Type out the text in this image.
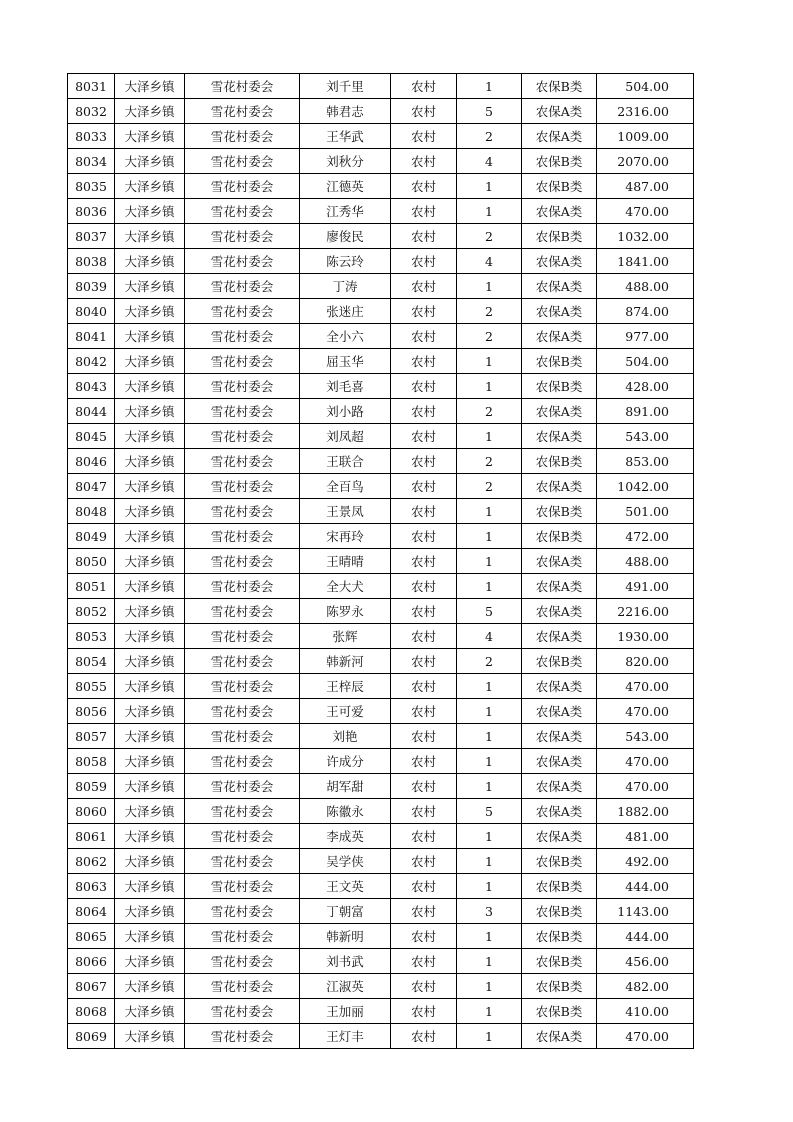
8031	大泽乡镇	雪花村委会	刘千里	农村	1	农保B类	504.00
8032	大泽乡镇	雪花村委会	韩君志	农村	5	农保A类	2316.00
8033	大泽乡镇	雪花村委会	王华武	农村	2	农保A类	1009.00
8034	大泽乡镇	雪花村委会	刘秋分	农村	4	农保B类	2070.00
8035	大泽乡镇	雪花村委会	江德英	农村	1	农保B类	487.00
8036	大泽乡镇	雪花村委会	江秀华	农村	1	农保A类	470.00
8037	大泽乡镇	雪花村委会	廖俊民	农村	2	农保B类	1032.00
8038	大泽乡镇	雪花村委会	陈云玲	农村	4	农保A类	1841.00
8039	大泽乡镇	雪花村委会	丁涛	农村	1	农保A类	488.00
8040	大泽乡镇	雪花村委会	张迷庄	农村	2	农保A类	874.00
8041	大泽乡镇	雪花村委会	全小六	农村	2	农保A类	977.00
8042	大泽乡镇	雪花村委会	屈玉华	农村	1	农保B类	504.00
8043	大泽乡镇	雪花村委会	刘毛喜	农村	1	农保B类	428.00
8044	大泽乡镇	雪花村委会	刘小路	农村	2	农保A类	891.00
8045	大泽乡镇	雪花村委会	刘凤超	农村	1	农保A类	543.00
8046	大泽乡镇	雪花村委会	王联合	农村	2	农保B类	853.00
8047	大泽乡镇	雪花村委会	全百鸟	农村	2	农保A类	1042.00
8048	大泽乡镇	雪花村委会	王景凤	农村	1	农保B类	501.00
8049	大泽乡镇	雪花村委会	宋再玲	农村	1	农保B类	472.00
8050	大泽乡镇	雪花村委会	王晴晴	农村	1	农保A类	488.00
8051	大泽乡镇	雪花村委会	全大犬	农村	1	农保A类	491.00
8052	大泽乡镇	雪花村委会	陈罗永	农村	5	农保A类	2216.00
8053	大泽乡镇	雪花村委会	张辉	农村	4	农保A类	1930.00
8054	大泽乡镇	雪花村委会	韩新河	农村	2	农保B类	820.00
8055	大泽乡镇	雪花村委会	王梓辰	农村	1	农保A类	470.00
8056	大泽乡镇	雪花村委会	王可爱	农村	1	农保A类	470.00
8057	大泽乡镇	雪花村委会	刘艳	农村	1	农保A类	543.00
8058	大泽乡镇	雪花村委会	许成分	农村	1	农保A类	470.00
8059	大泽乡镇	雪花村委会	胡军甜	农村	1	农保A类	470.00
8060	大泽乡镇	雪花村委会	陈徽永	农村	5	农保A类	1882.00
8061	大泽乡镇	雪花村委会	李成英	农村	1	农保A类	481.00
8062	大泽乡镇	雪花村委会	吴学侠	农村	1	农保B类	492.00
8063	大泽乡镇	雪花村委会	王文英	农村	1	农保B类	444.00
8064	大泽乡镇	雪花村委会	丁朝富	农村	3	农保B类	1143.00
8065	大泽乡镇	雪花村委会	韩新明	农村	1	农保B类	444.00
8066	大泽乡镇	雪花村委会	刘书武	农村	1	农保B类	456.00
8067	大泽乡镇	雪花村委会	江淑英	农村	1	农保B类	482.00
8068	大泽乡镇	雪花村委会	王加丽	农村	1	农保B类	410.00
8069	大泽乡镇	雪花村委会	王灯丰	农村	1	农保A类	470.00
